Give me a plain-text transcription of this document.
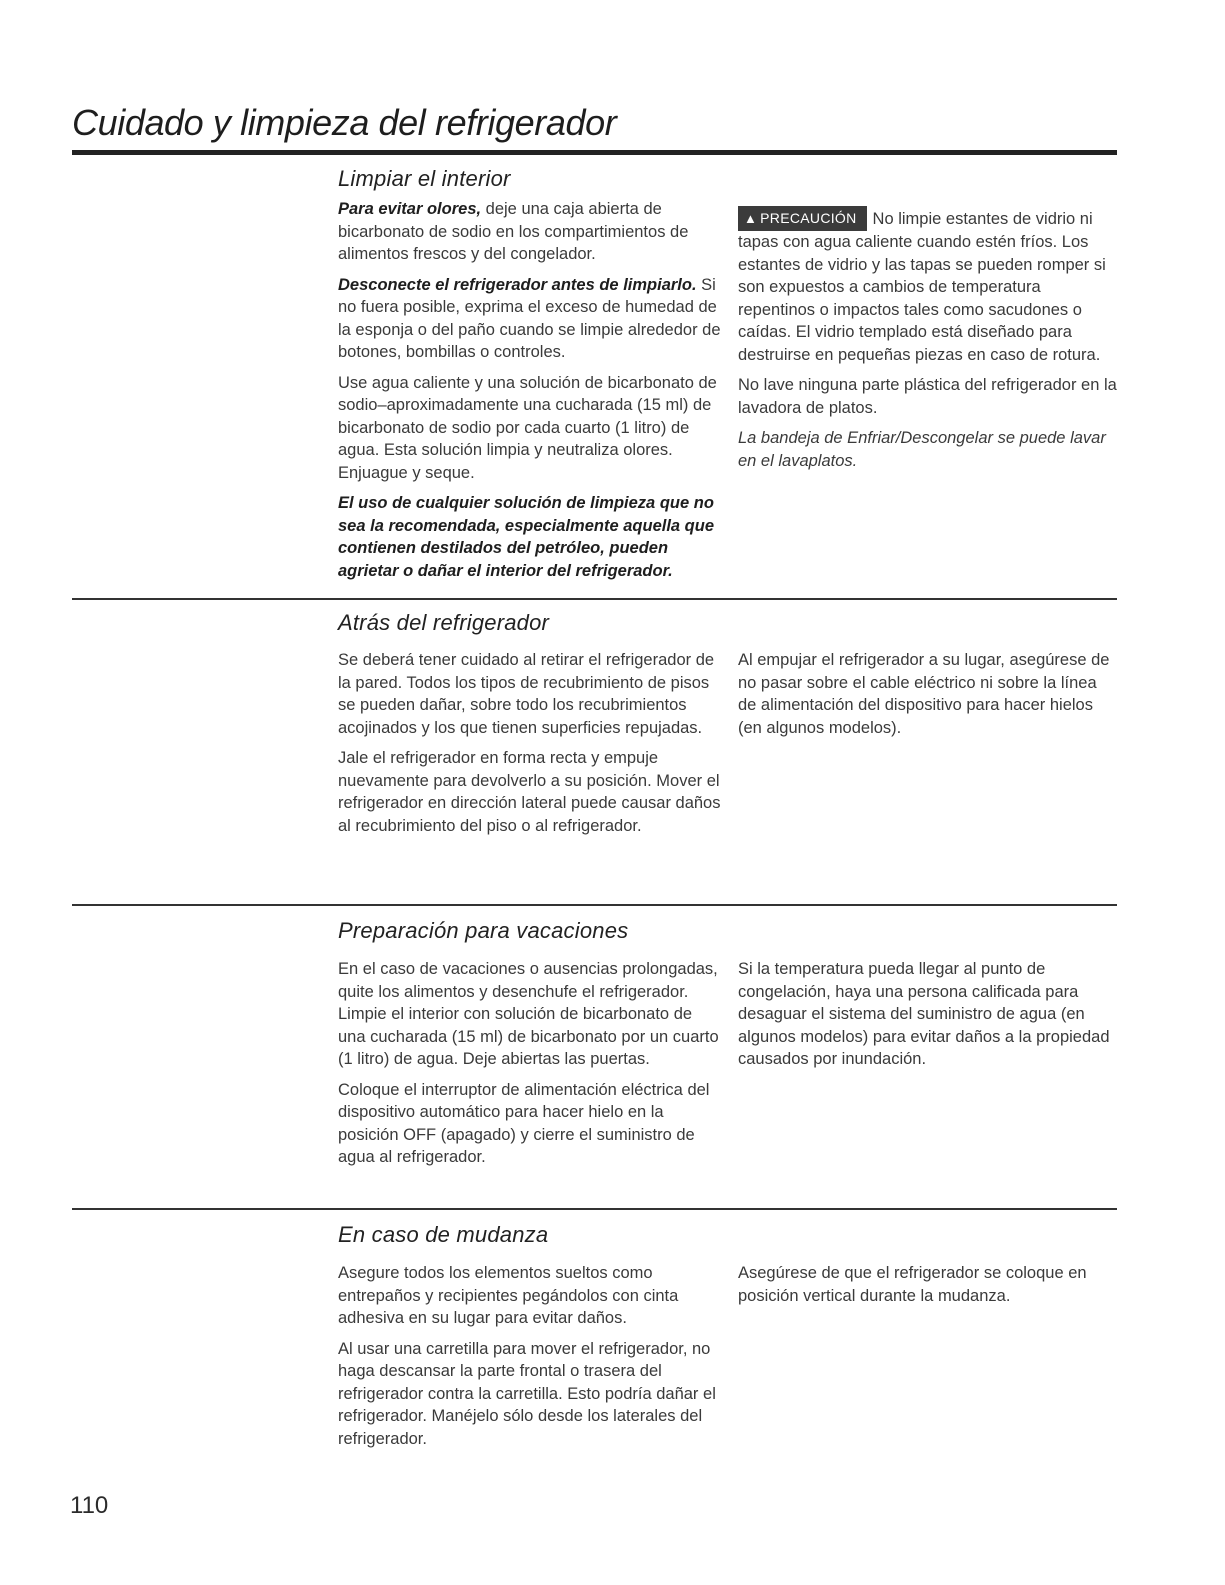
Cuidado y limpieza del refrigerador
Limpiar el interior

Para evitar olores, deje una caja abierta de bicarbonato de sodio en los compartimientos de alimentos frescos y del congelador.

Desconecte el refrigerador antes de limpiarlo. Si no fuera posible, exprima el exceso de humedad de la esponja o del paño cuando se limpie alrededor de botones, bombillas o controles.

Use agua caliente y una solución de bicarbonato de sodio–aproximadamente una cucharada (15 ml) de bicarbonato de sodio por cada cuarto (1 litro) de agua. Esta solución limpia y neutraliza olores. Enjuague y seque.

El uso de cualquier solución de limpieza que no sea la recomendada, especialmente aquella que contienen destilados del petróleo, pueden agrietar o dañar el interior del refrigerador.

▲ PRECAUCIÓN No limpie estantes de vidrio ni tapas con agua caliente cuando estén fríos. Los estantes de vidrio y las tapas se pueden romper si son expuestos a cambios de temperatura repentinos o impactos tales como sacudones o caídas. El vidrio templado está diseñado para destruirse en pequeñas piezas en caso de rotura.

No lave ninguna parte plástica del refrigerador en la lavadora de platos.

La bandeja de Enfriar/Descongelar se puede lavar en el lavaplatos.

Atrás del refrigerador

Se deberá tener cuidado al retirar el refrigerador de la pared. Todos los tipos de recubrimiento de pisos se pueden dañar, sobre todo los recubrimientos acojinados y los que tienen superficies repujadas.

Jale el refrigerador en forma recta y empuje nuevamente para devolverlo a su posición. Mover el refrigerador en dirección lateral puede causar daños al recubrimiento del piso o al refrigerador.

Al empujar el refrigerador a su lugar, asegúrese de no pasar sobre el cable eléctrico ni sobre la línea de alimentación del dispositivo para hacer hielos (en algunos modelos).

Preparación para vacaciones

En el caso de vacaciones o ausencias prolongadas, quite los alimentos y desenchufe el refrigerador. Limpie el interior con solución de bicarbonato de una cucharada (15 ml) de bicarbonato por un cuarto (1 litro) de agua. Deje abiertas las puertas.

Coloque el interruptor de alimentación eléctrica del dispositivo automático para hacer hielo en la posición OFF (apagado) y cierre el suministro de agua al refrigerador.

Si la temperatura pueda llegar al punto de congelación, haya una persona calificada para desaguar el sistema del suministro de agua (en algunos modelos) para evitar daños a la propiedad causados por inundación.

En caso de mudanza

Asegure todos los elementos sueltos como entrepaños y recipientes pegándolos con cinta adhesiva en su lugar para evitar daños.

Al usar una carretilla para mover el refrigerador, no haga descansar la parte frontal o trasera del refrigerador contra la carretilla. Esto podría dañar el refrigerador. Manéjelo sólo desde los laterales del refrigerador.

Asegúrese de que el refrigerador se coloque en posición vertical durante la mudanza.

110
